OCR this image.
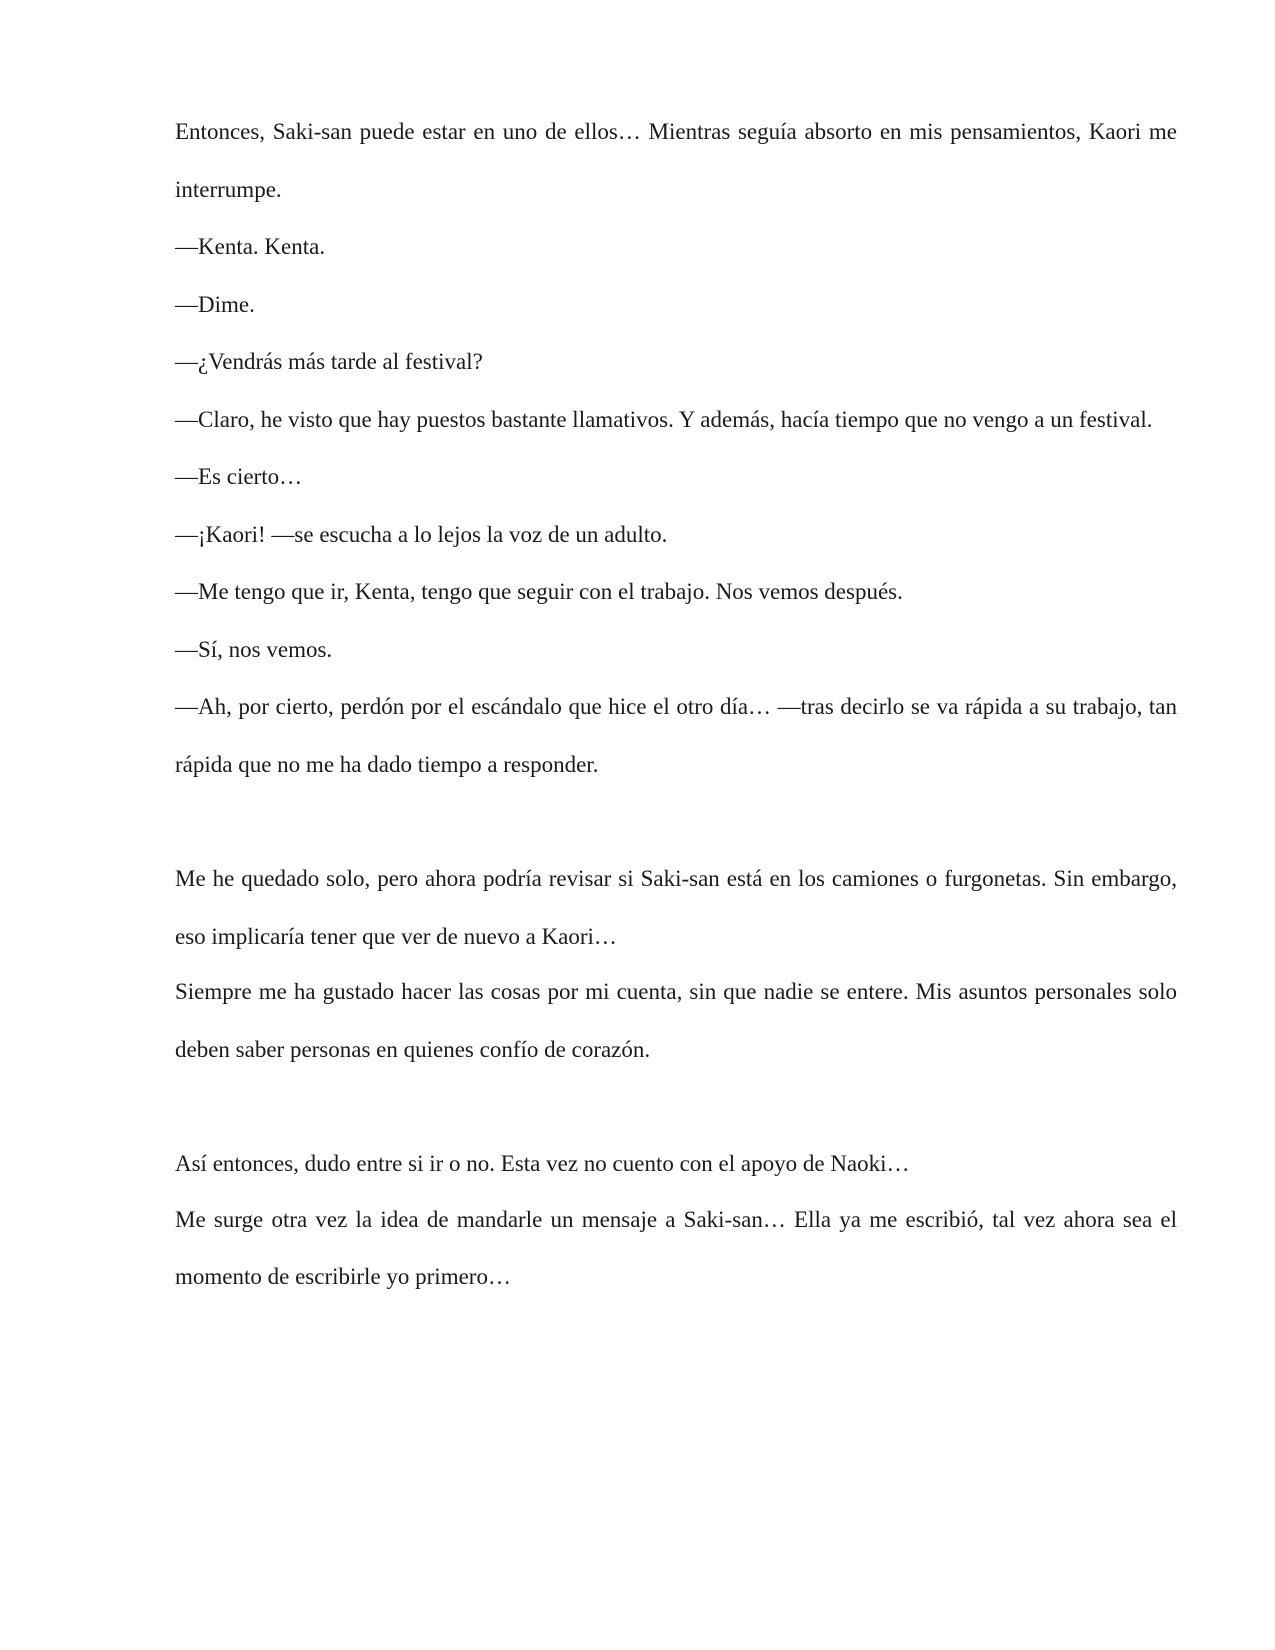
Entonces, Saki-san puede estar en uno de ellos… Mientras seguía absorto en mis pensamientos, Kaori me interrumpe.

—Kenta. Kenta.

—Dime.

—¿Vendrás más tarde al festival?

—Claro, he visto que hay puestos bastante llamativos. Y además, hacía tiempo que no vengo a un festival.

—Es cierto…

—¡Kaori! —se escucha a lo lejos la voz de un adulto.

—Me tengo que ir, Kenta, tengo que seguir con el trabajo. Nos vemos después.

—Sí, nos vemos.

—Ah, por cierto, perdón por el escándalo que hice el otro día… —tras decirlo se va rápida a su trabajo, tan rápida que no me ha dado tiempo a responder.

Me he quedado solo, pero ahora podría revisar si Saki-san está en los camiones o furgonetas. Sin embargo, eso implicaría tener que ver de nuevo a Kaori…

Siempre me ha gustado hacer las cosas por mi cuenta, sin que nadie se entere. Mis asuntos personales solo deben saber personas en quienes confío de corazón.

Así entonces, dudo entre si ir o no. Esta vez no cuento con el apoyo de Naoki…

Me surge otra vez la idea de mandarle un mensaje a Saki-san… Ella ya me escribió, tal vez ahora sea el momento de escribirle yo primero…
